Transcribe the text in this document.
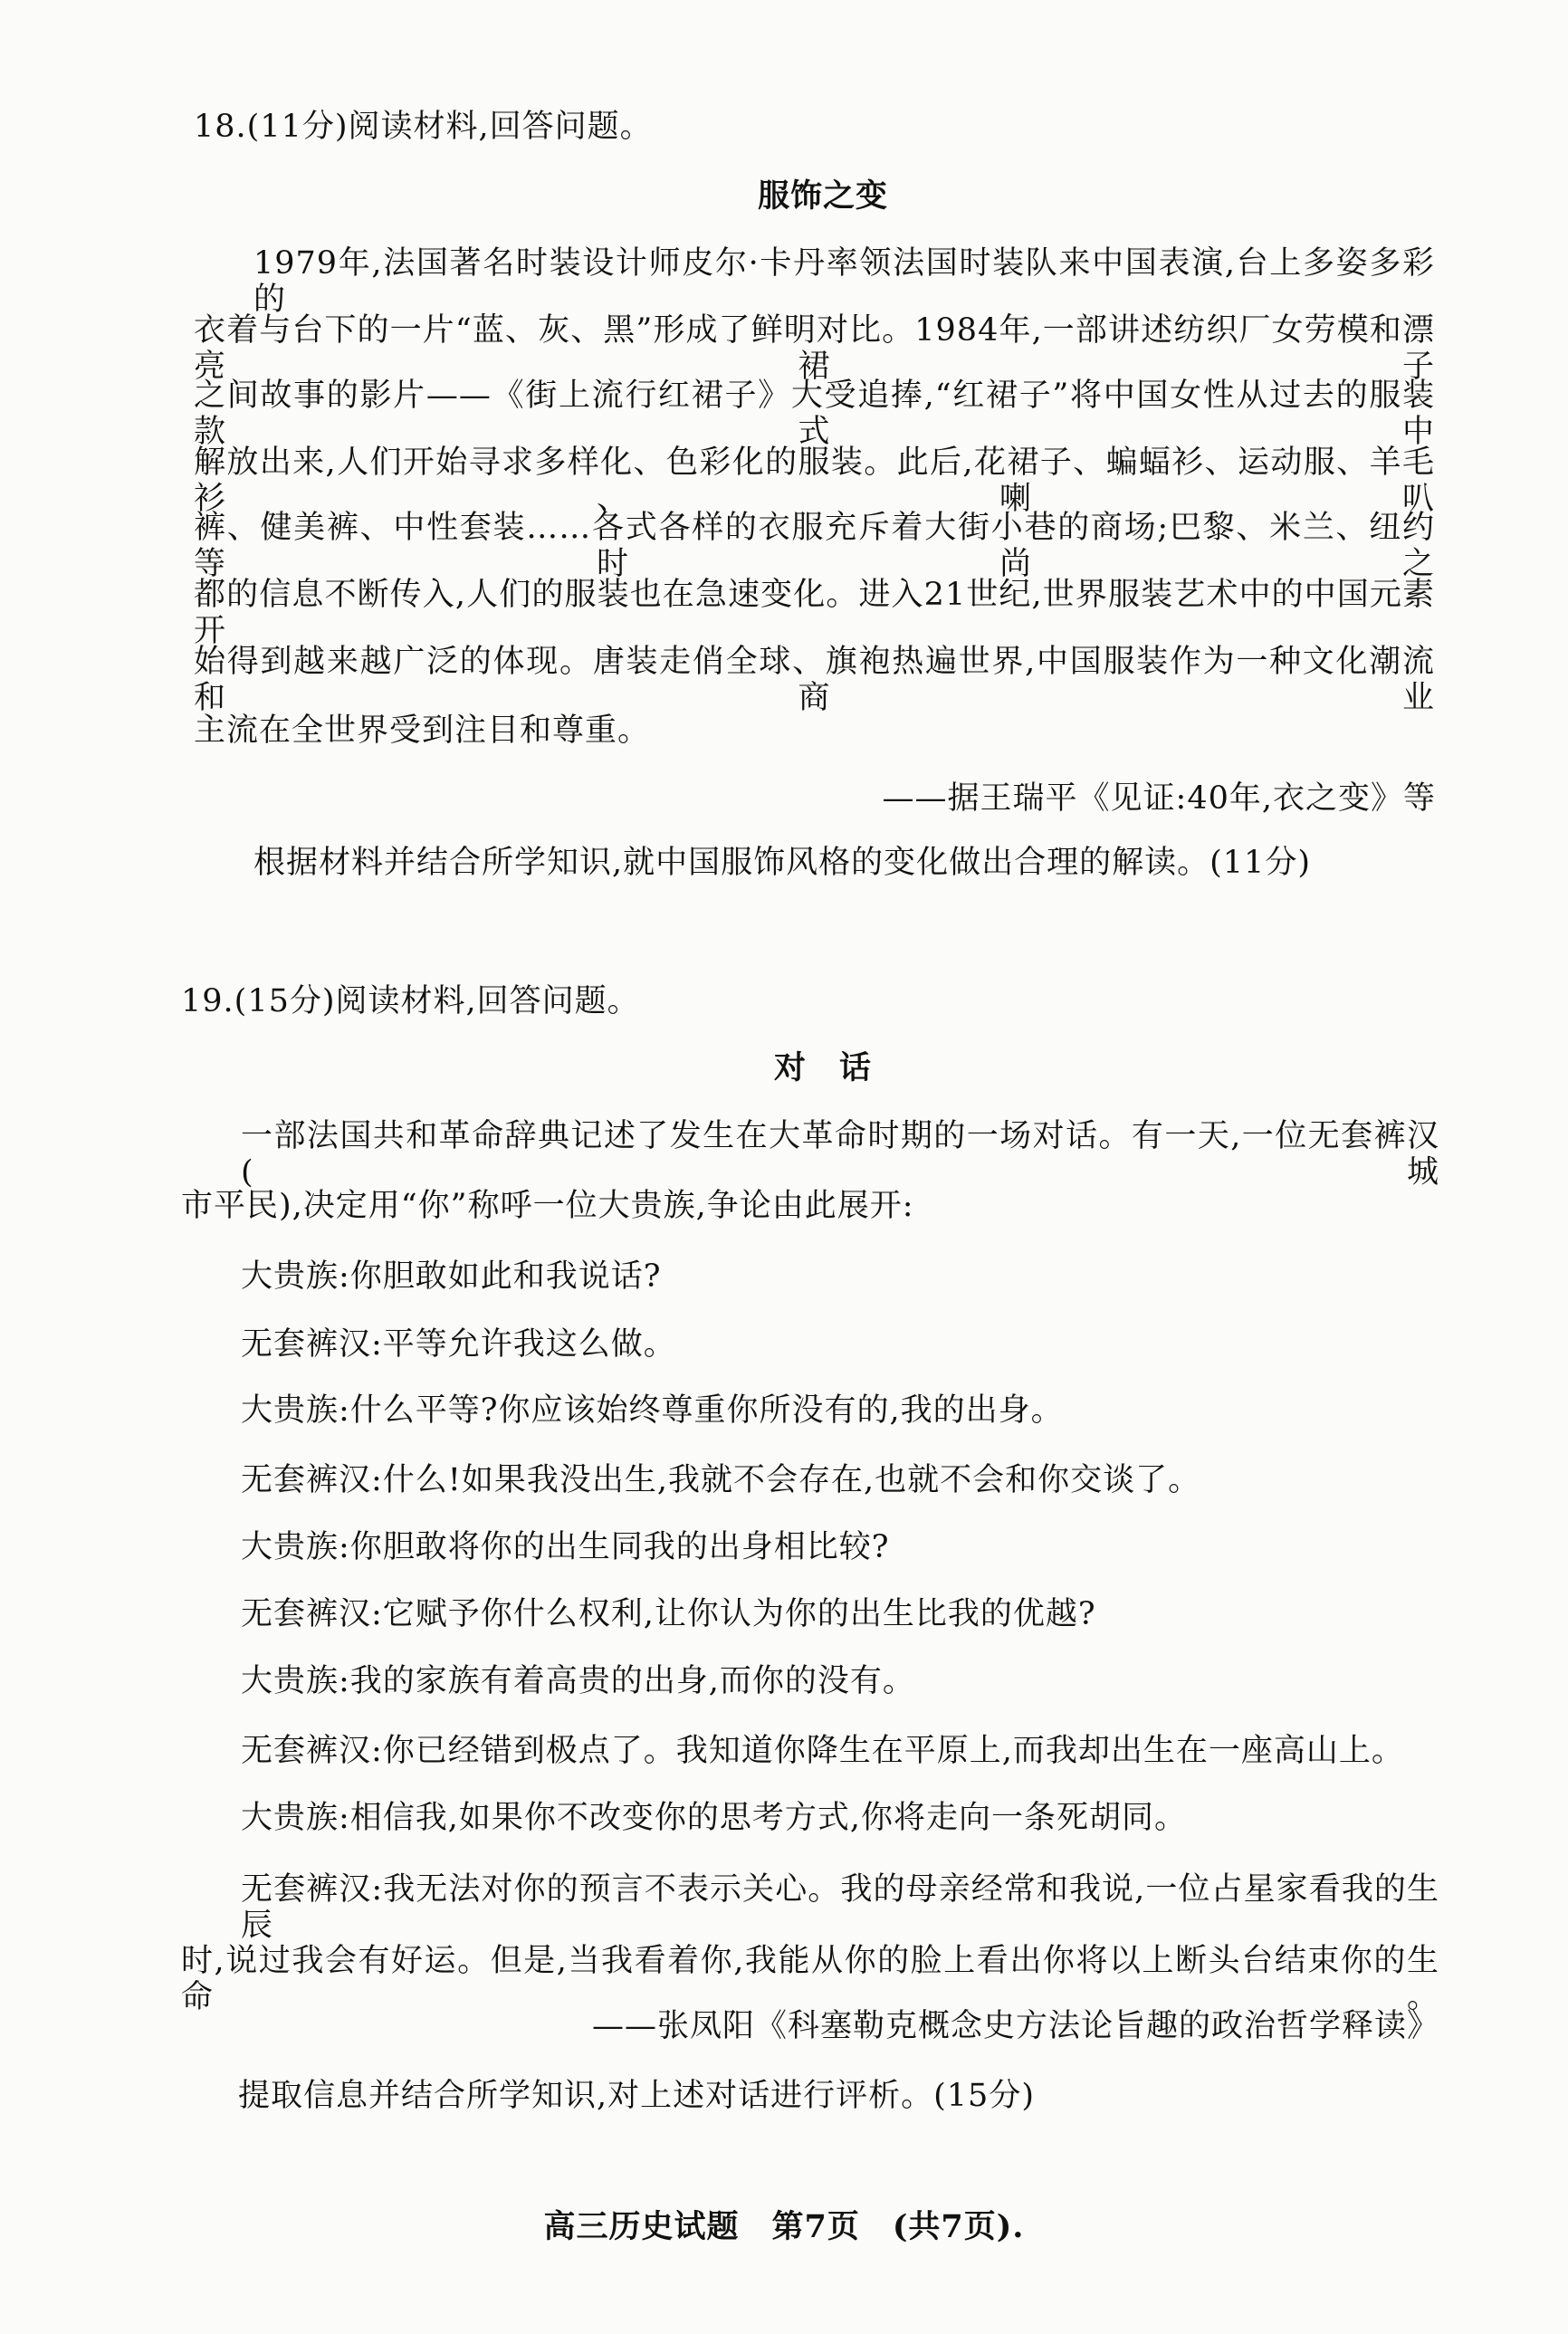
18.(11分)阅读材料,回答问题。
服饰之变
1979年,法国著名时装设计师皮尔·卡丹率领法国时装队来中国表演,台上多姿多彩的
衣着与台下的一片“蓝、灰、黑”形成了鲜明对比。1984年,一部讲述纺织厂女劳模和漂亮裙子
之间故事的影片——《街上流行红裙子》大受追捧,“红裙子”将中国女性从过去的服装款式中
解放出来,人们开始寻求多样化、色彩化的服装。此后,花裙子、蝙蝠衫、运动服、羊毛衫、喇叭
裤、健美裤、中性套装……各式各样的衣服充斥着大街小巷的商场;巴黎、米兰、纽约等时尚之
都的信息不断传入,人们的服装也在急速变化。进入21世纪,世界服装艺术中的中国元素开
始得到越来越广泛的体现。唐装走俏全球、旗袍热遍世界,中国服装作为一种文化潮流和商业
主流在全世界受到注目和尊重。
——据王瑞平《见证:40年,衣之变》等
根据材料并结合所学知识,就中国服饰风格的变化做出合理的解读。(11分)
19.(15分)阅读材料,回答问题。
对　话
一部法国共和革命辞典记述了发生在大革命时期的一场对话。有一天,一位无套裤汉(城
市平民),决定用“你”称呼一位大贵族,争论由此展开:
大贵族:你胆敢如此和我说话?
无套裤汉:平等允许我这么做。
大贵族:什么平等?你应该始终尊重你所没有的,我的出身。
无套裤汉:什么!如果我没出生,我就不会存在,也就不会和你交谈了。
大贵族:你胆敢将你的出生同我的出身相比较?
无套裤汉:它赋予你什么权利,让你认为你的出生比我的优越?
大贵族:我的家族有着高贵的出身,而你的没有。
无套裤汉:你已经错到极点了。我知道你降生在平原上,而我却出生在一座高山上。
大贵族:相信我,如果你不改变你的思考方式,你将走向一条死胡同。
无套裤汉:我无法对你的预言不表示关心。我的母亲经常和我说,一位占星家看我的生辰
时,说过我会有好运。但是,当我看着你,我能从你的脸上看出你将以上断头台结束你的生命。
——张凤阳《科塞勒克概念史方法论旨趣的政治哲学释读》
提取信息并结合所学知识,对上述对话进行评析。(15分)
高三历史试题　第7页　(共7页).
